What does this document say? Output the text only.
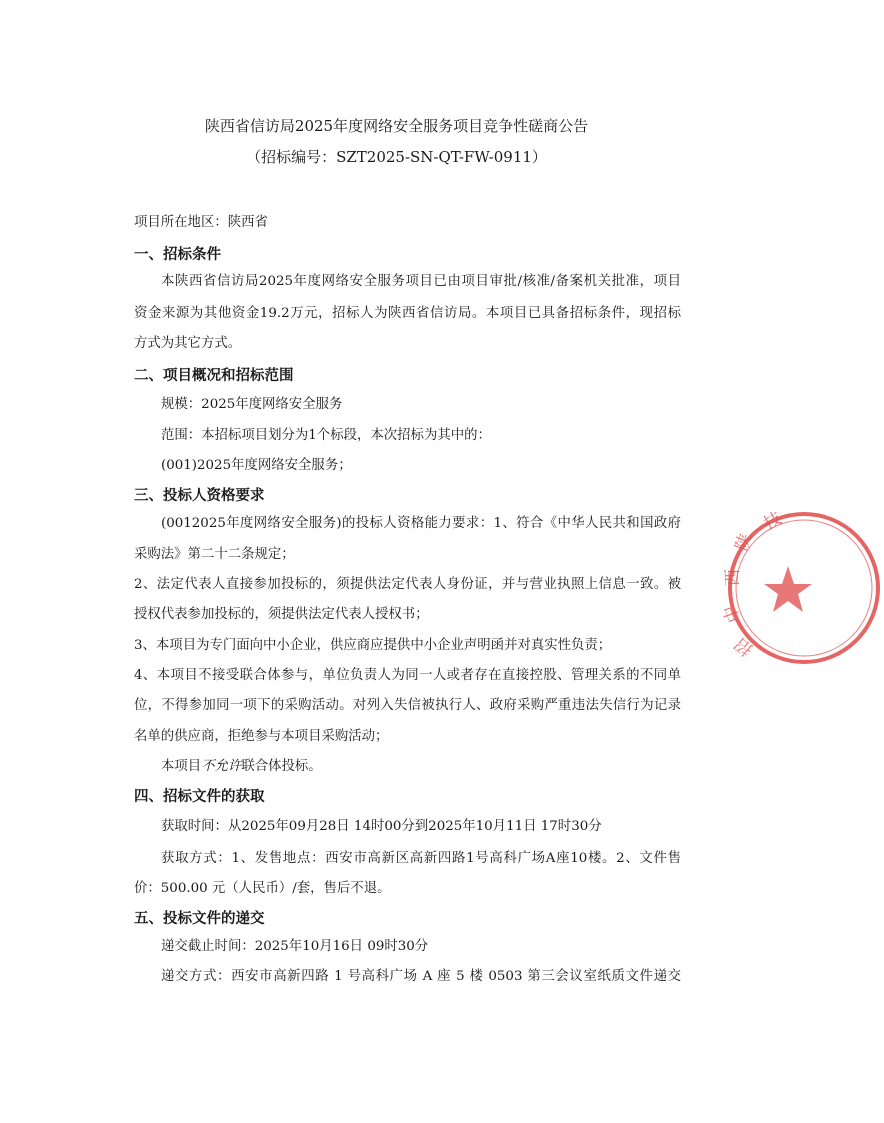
陕西省信访局2025年度网络安全服务项目竞争性磋商公告
（招标编号：SZT2025-SN-QT-FW-0911）
项目所在地区：陕西省
一、招标条件
本陕西省信访局2025年度网络安全服务项目已由项目审批/核准/备案机关批准，项目
资金来源为其他资金19.2万元，招标人为陕西省信访局。本项目已具备招标条件，现招标
方式为其它方式。
二、项目概况和招标范围
规模：2025年度网络安全服务
范围：本招标项目划分为1个标段，本次招标为其中的：
(001)2025年度网络安全服务；
三、投标人资格要求
(0012025年度网络安全服务)的投标人资格能力要求：1、符合《中华人民共和国政府
采购法》第二十二条规定；
2、法定代表人直接参加投标的，须提供法定代表人身份证，并与营业执照上信息一致。被
授权代表参加投标的，须提供法定代表人授权书；
3、本项目为专门面向中小企业，供应商应提供中小企业声明函并对真实性负责；
4、本项目不接受联合体参与，单位负责人为同一人或者存在直接控股、管理关系的不同单
位，不得参加同一项下的采购活动。对列入失信被执行人、政府采购严重违法失信行为记录
名单的供应商，拒绝参与本项目采购活动；
本项目不允许联合体投标。
四、招标文件的获取
获取时间：从2025年09月28日 14时00分到2025年10月11日 17时30分
获取方式：1、发售地点：西安市高新区高新四路1号高科广场A座10楼。2、文件售
价：500.00 元（人民币）/套，售后不退。
五、投标文件的递交
递交截止时间：2025年10月16日 09时30分
递交方式：西安市高新四路 1 号高科广场 A 座 5 楼 0503 第三会议室纸质文件递交
陕
西
中
技
招
